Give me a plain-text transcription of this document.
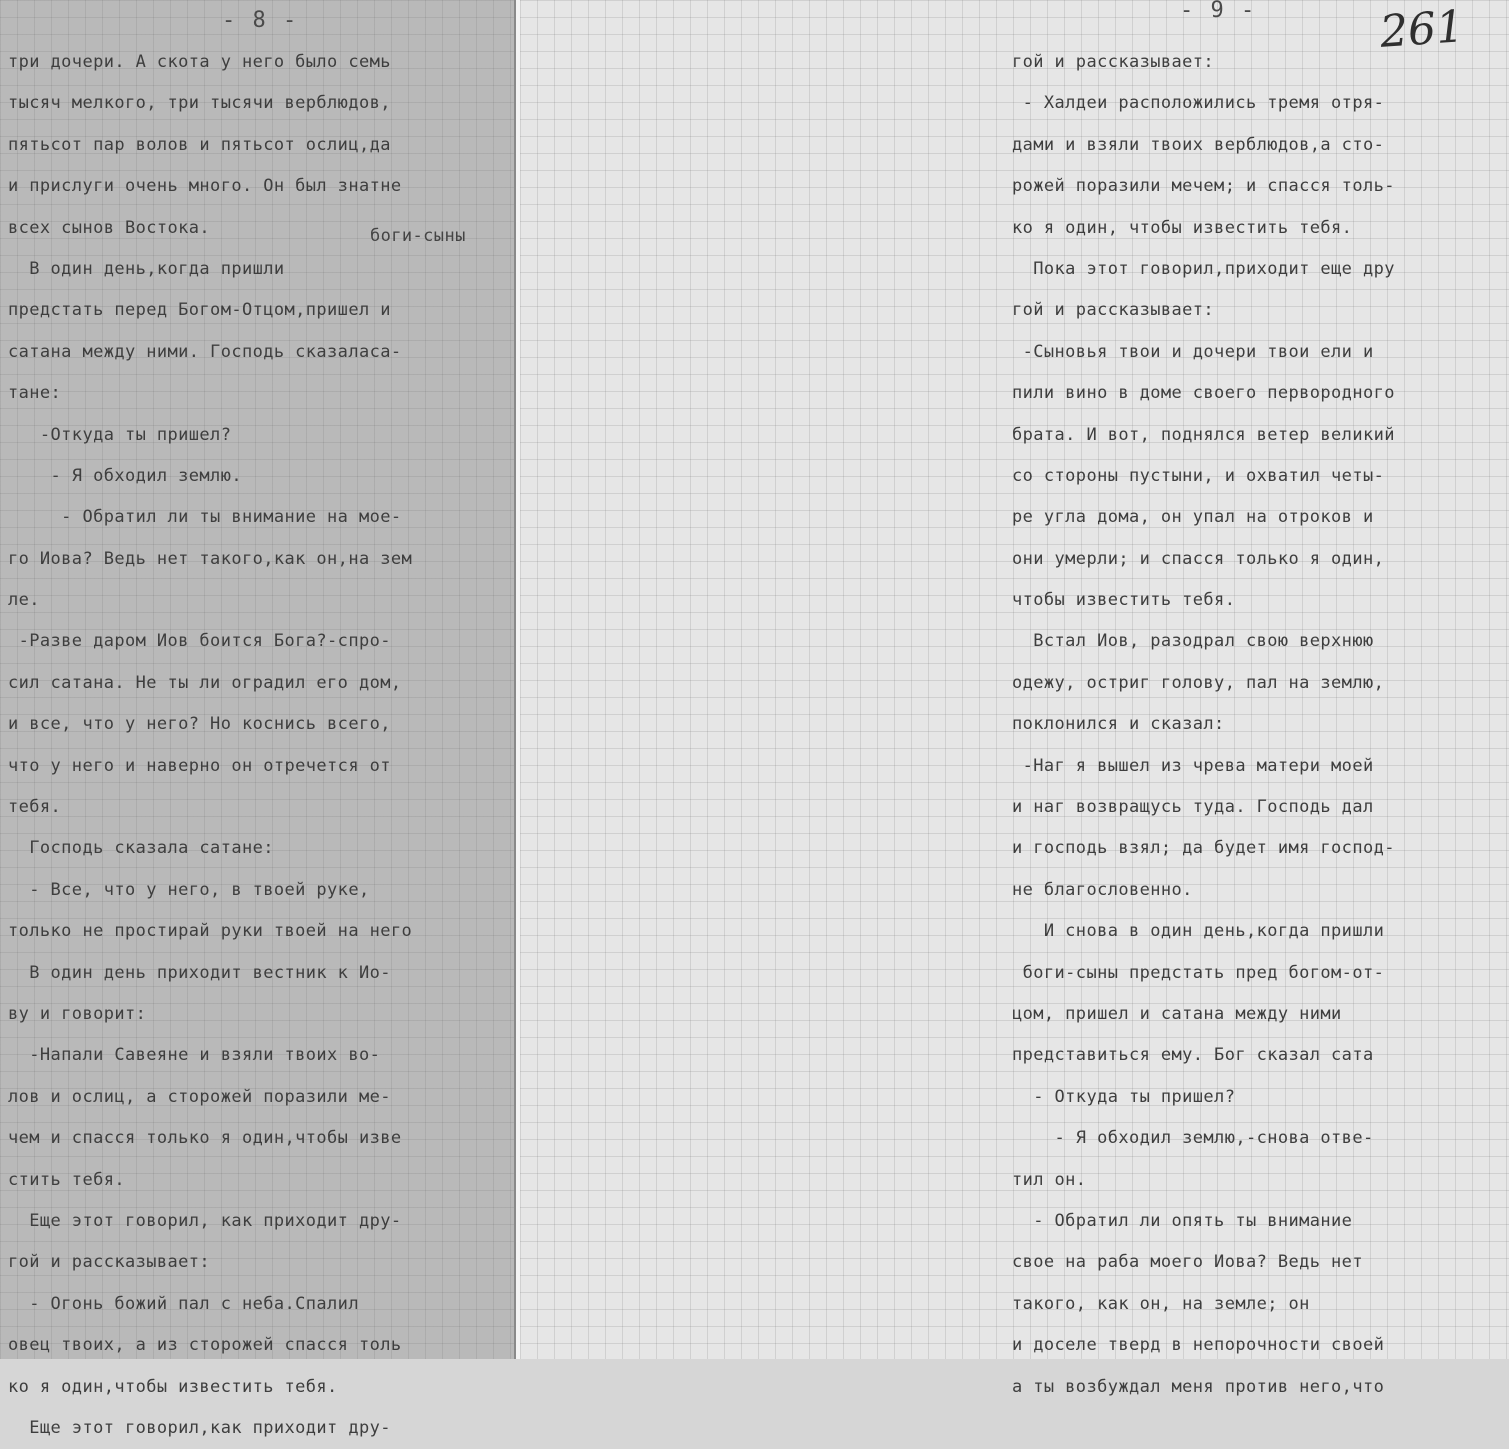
- 8 -	- 9 -	261
боги-сыны
три дочери. А скота у него было семь
тысяч мелкого, три тысячи верблюдов,
пятьсот пар волов и пятьсот ослиц,да
и прислуги очень много. Он был знатне
всех сынов Востока.
В один день,когда пришли
предстать перед Богом-Отцом,пришел и
сатана между ними. Господь сказаласа-
тане:
-Откуда ты пришел?
- Я обходил землю.
- Обратил ли ты внимание на мое-
го Иова? Ведь нет такого,как он,на зем
ле.
-Разве даром Иов боится Бога?-спро-
сил сатана. Не ты ли оградил его дом,
и все, что у него? Но коснись всего,
что у него и наверно он отречется от
тебя.
Господь сказала сатане:
- Все, что у него, в твоей руке,
только не простирай руки твоей на него
В один день приходит вестник к Ио-
ву и говорит:
-Напали Савеяне и взяли твоих во-
лов и ослиц, а сторожей поразили ме-
чем и спасся только я один,чтобы изве
стить тебя.
Еще этот говорил, как приходит дру-
гой и рассказывает:
- Огонь божий пал с неба.Спалил
овец твоих, а из сторожей спасся толь
ко я один,чтобы известить тебя.
Еще этот говорил,как приходит дру-
гой и рассказывает:
- Халдеи расположились тремя отря-
дами и взяли твоих верблюдов,а сто-
рожей поразили мечем; и спасся толь-
ко я один, чтобы известить тебя.
Пока этот говорил,приходит еще дру
гой и рассказывает:
-Сыновья твои и дочери твои ели и
пили вино в доме своего первородного
брата. И вот, поднялся ветер великий
со стороны пустыни, и охватил четы-
ре угла дома, он упал на отроков и
они умерли; и спасся только я один,
чтобы известить тебя.
Встал Иов, разодрал свою верхнюю
одежу, остриг голову, пал на землю,
поклонился и сказал:
-Наг я вышел из чрева матери моей
и наг возвращусь туда. Господь дал
и господь взял; да будет имя господ-
не благословенно.
И снова в один день,когда пришли
боги-сыны предстать пред богом-от-
цом, пришел и сатана между ними
представиться ему. Бог сказал сата
- Откуда ты пришел?
- Я обходил землю,-снова отве-
тил он.
- Обратил ли опять ты внимание
свое на раба моего Иова? Ведь нет
такого, как он, на земле; он
и доселе тверд в непорочности своей
а ты возбуждал меня против него,что
